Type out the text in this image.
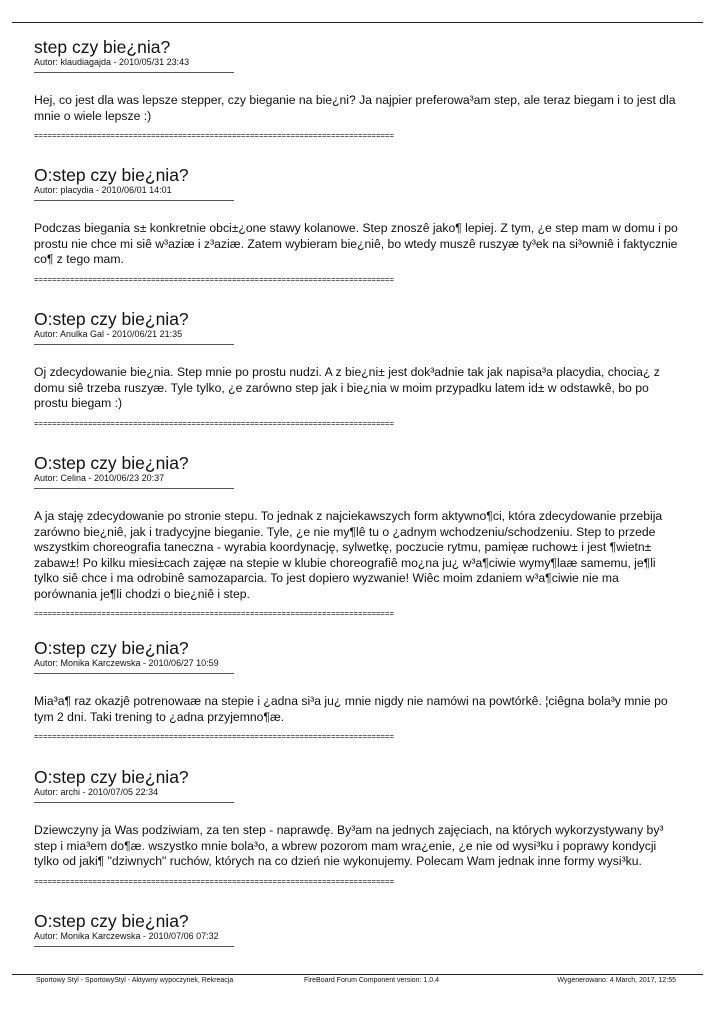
step czy bie¿nia?
Autor: klaudiagajda - 2010/05/31 23:43

Hej, co jest dla was lepsze stepper, czy bieganie na bie¿ni? Ja najpier preferowa³am step, ale teraz biegam i to jest dla mnie o wiele lepsze :)

================================================================================
O:step czy bie¿nia?
Autor: placydia - 2010/06/01 14:01

Podczas biegania s± konkretnie obci±¿one stawy kolanowe. Step znoszê jako¶ lepiej. Z tym, ¿e step mam w domu i po prostu nie chce mi siê w³aziæ i z³aziæ. Zatem wybieram bie¿niê, bo wtedy muszê ruszyæ ty³ek na si³owniê i faktycznie co¶ z tego mam.

================================================================================
O:step czy bie¿nia?
Autor: Anulka Gal - 2010/06/21 21:35

Oj zdecydowanie bie¿nia. Step mnie po prostu nudzi. A z bie¿ni± jest dok³adnie tak jak napisa³a placydia, chocia¿ z domu siê trzeba ruszyæ. Tyle tylko, ¿e zarówno step jak i bie¿nia w moim przypadku latem id± w odstawkê, bo po prostu biegam :)

================================================================================
O:step czy bie¿nia?
Autor: Celina - 2010/06/23 20:37

A ja staję zdecydowanie po stronie stepu. To jednak z najciekawszych form aktywno¶ci, która zdecydowanie przebija zarówno bie¿niê, jak i tradycyjne bieganie. Tyle, ¿e nie my¶lê tu o ¿adnym wchodzeniu/schodzeniu. Step to przede wszystkim choreografia taneczna - wyrabia koordynację, sylwetkę, poczucie rytmu, pamięæ ruchow± i jest ¶wietn± zabaw±! Po kilku miesi±cach zajęæ na stepie w klubie choreografiê mo¿na ju¿ w³a¶ciwie wymy¶laæ samemu, je¶li tylko siê chce i ma odrobinê samozaparcia. To jest dopiero wyzwanie! Wiêc moim zdaniem w³a¶ciwie nie ma porównania je¶li chodzi o bie¿niê i step.

================================================================================
O:step czy bie¿nia?
Autor: Monika Karczewska - 2010/06/27 10:59

Mia³a¶ raz okazjê potrenowaæ na stepie i ¿adna si³a ju¿ mnie nigdy nie namówi na powtórkê. ¦ciêgna bola³y mnie po tym 2 dni. Taki trening to ¿adna przyjemno¶æ.

================================================================================
O:step czy bie¿nia?
Autor: archi - 2010/07/05 22:34

Dziewczyny ja Was podziwiam, za ten step - naprawdę. By³am na jednych zajęciach, na których wykorzystywany by³ step i mia³em do¶æ. wszystko mnie bola³o, a wbrew pozorom mam wra¿enie, ¿e nie od wysi³ku i poprawy kondycji tylko od jaki¶ "dziwnych" ruchów, których na co dzień nie wykonujemy. Polecam Wam jednak inne formy wysi³ku.

================================================================================
O:step czy bie¿nia?
Autor: Monika Karczewska - 2010/07/06 07:32
Sportowy Styl - SportowyStyl - Aktywny wypoczynek, Rekreacja	FireBoard Forum Component version: 1.0.4	Wygenerowano: 4 March, 2017, 12:55
